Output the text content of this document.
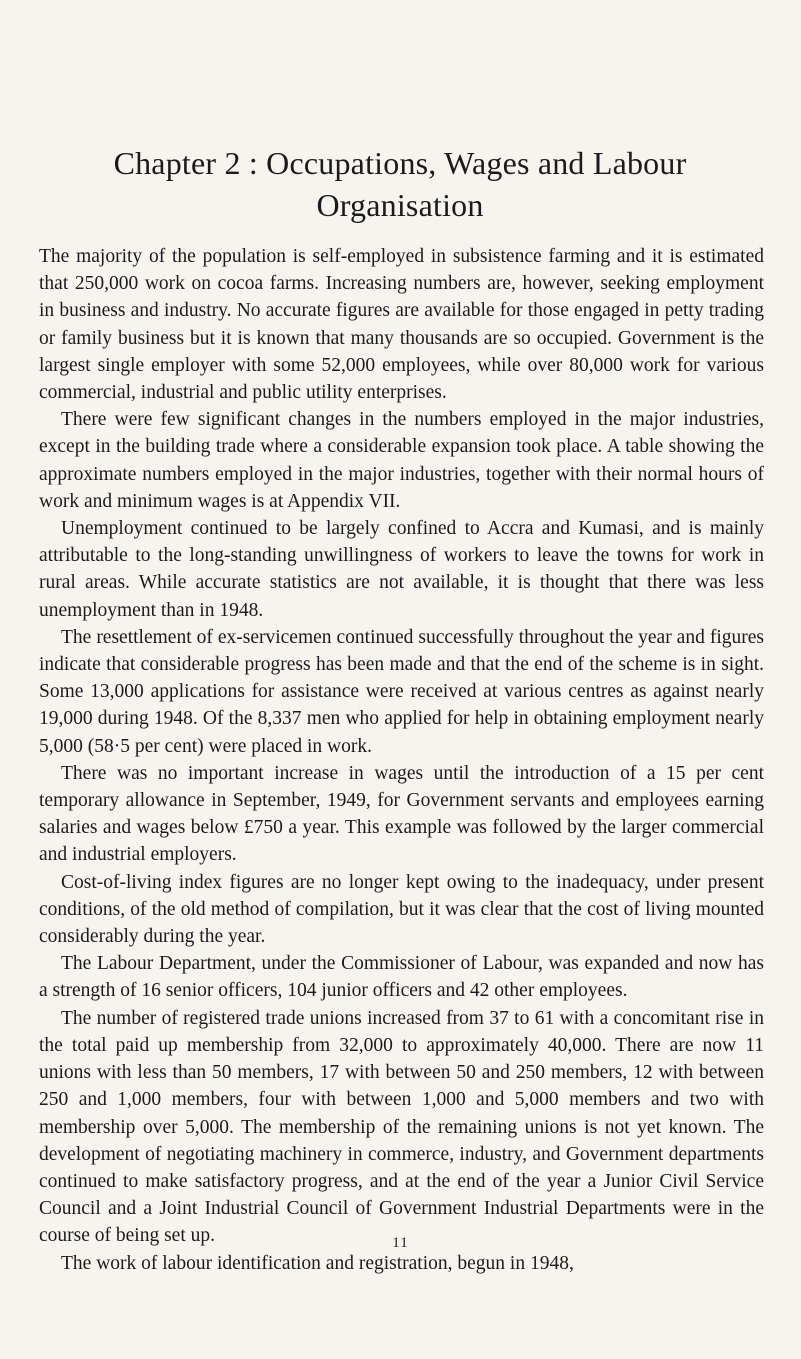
Chapter 2 : Occupations, Wages and Labour Organisation

The majority of the population is self-employed in subsistence farming and it is estimated that 250,000 work on cocoa farms. Increasing numbers are, however, seeking employment in business and industry. No accurate figures are available for those engaged in petty trading or family business but it is known that many thousands are so occupied. Government is the largest single employer with some 52,000 employees, while over 80,000 work for various commercial, industrial and public utility enterprises.

There were few significant changes in the numbers employed in the major industries, except in the building trade where a considerable expansion took place. A table showing the approximate numbers employed in the major industries, together with their normal hours of work and minimum wages is at Appendix VII.

Unemployment continued to be largely confined to Accra and Kumasi, and is mainly attributable to the long-standing unwillingness of workers to leave the towns for work in rural areas. While accurate statistics are not available, it is thought that there was less unemployment than in 1948.

The resettlement of ex-servicemen continued successfully throughout the year and figures indicate that considerable progress has been made and that the end of the scheme is in sight. Some 13,000 applications for assistance were received at various centres as against nearly 19,000 during 1948. Of the 8,337 men who applied for help in obtaining employment nearly 5,000 (58·5 per cent) were placed in work.

There was no important increase in wages until the introduction of a 15 per cent temporary allowance in September, 1949, for Government servants and employees earning salaries and wages below £750 a year. This example was followed by the larger commercial and industrial employers.

Cost-of-living index figures are no longer kept owing to the inadequacy, under present conditions, of the old method of compilation, but it was clear that the cost of living mounted considerably during the year.

The Labour Department, under the Commissioner of Labour, was expanded and now has a strength of 16 senior officers, 104 junior officers and 42 other employees.

The number of registered trade unions increased from 37 to 61 with a concomitant rise in the total paid up membership from 32,000 to approximately 40,000. There are now 11 unions with less than 50 members, 17 with between 50 and 250 members, 12 with between 250 and 1,000 members, four with between 1,000 and 5,000 members and two with membership over 5,000. The membership of the remaining unions is not yet known. The development of negotiating machinery in commerce, industry, and Government departments continued to make satisfactory progress, and at the end of the year a Junior Civil Service Council and a Joint Industrial Council of Government Industrial Departments were in the course of being set up.

The work of labour identification and registration, begun in 1948,

11
